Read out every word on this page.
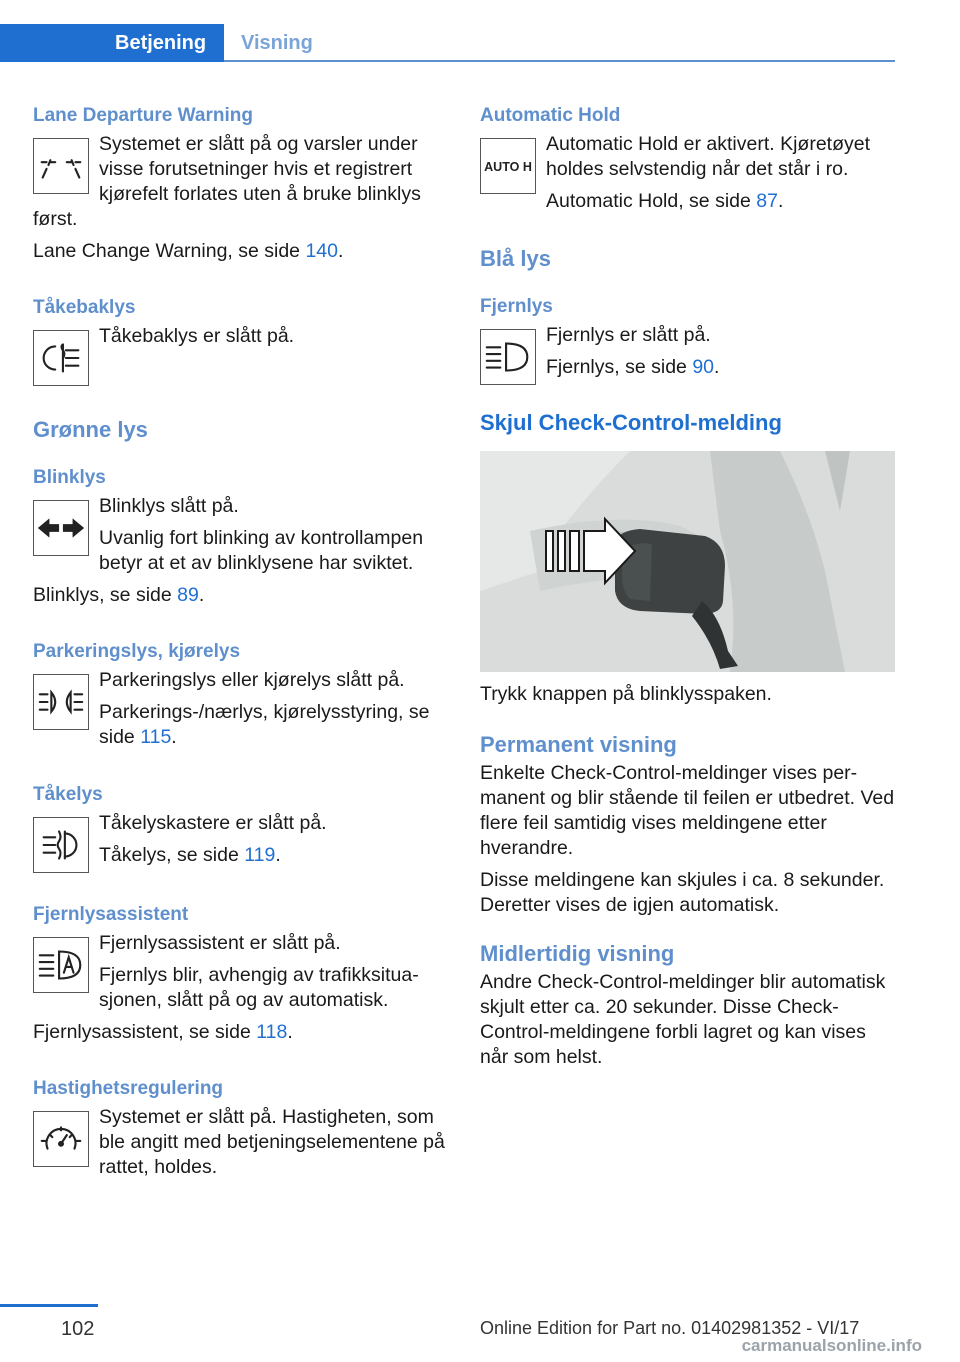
Betjening Visning
Lane Departure Warning

Systemet er slått på og varsler under visse forutsetninger hvis et registrert kjørefelt forlates uten å bruke blinklys først.

Lane Change Warning, se side 140.

Tåkebaklys

Tåkebaklys er slått på.

Grønne lys
Blinklys

Blinklys slått på.

Uvanlig fort blinking av kontrollampen betyr at et av blinklysene har sviktet.

Blinklys, se side 89.

Parkeringslys, kjørelys

Parkeringslys eller kjørelys slått på.

Parkerings-/nærlys, kjørelysstyring, se side 115.

Tåkelys

Tåkelyskastere er slått på.

Tåkelys, se side 119.

Fjernlysassistent

Fjernlysassistent er slått på.

Fjernlys blir, avhengig av trafikksituasjonen, slått på og av automatisk.

Fjernlysassistent, se side 118.

Hastighetsregulering

Systemet er slått på. Hastigheten, som ble angitt med betjeningselementene på rattet, holdes.

Automatic Hold
AUTO H

Automatic Hold er aktivert. Kjøretøyet holdes selvstendig når det står i ro.

Automatic Hold, se side 87.

Blå lys
Fjernlys

Fjernlys er slått på.

Fjernlys, se side 90.

Skjul Check-Control-melding

Trykk knappen på blinklysspaken.

Permanent visning

Enkelte Check-Control-meldinger vises permanent og blir stående til feilen er utbedret. Ved flere feil samtidig vises meldingene etter hverandre.

Disse meldingene kan skjules i ca. 8 sekunder. Deretter vises de igjen automatisk.

Midlertidig visning

Andre Check-Control-meldinger blir automatisk skjult etter ca. 20 sekunder. Disse Check-Control-meldingene forbli lagret og kan vises når som helst.

102	Online Edition for Part no. 01402981352 - VI/17
carmanualsonline.info
